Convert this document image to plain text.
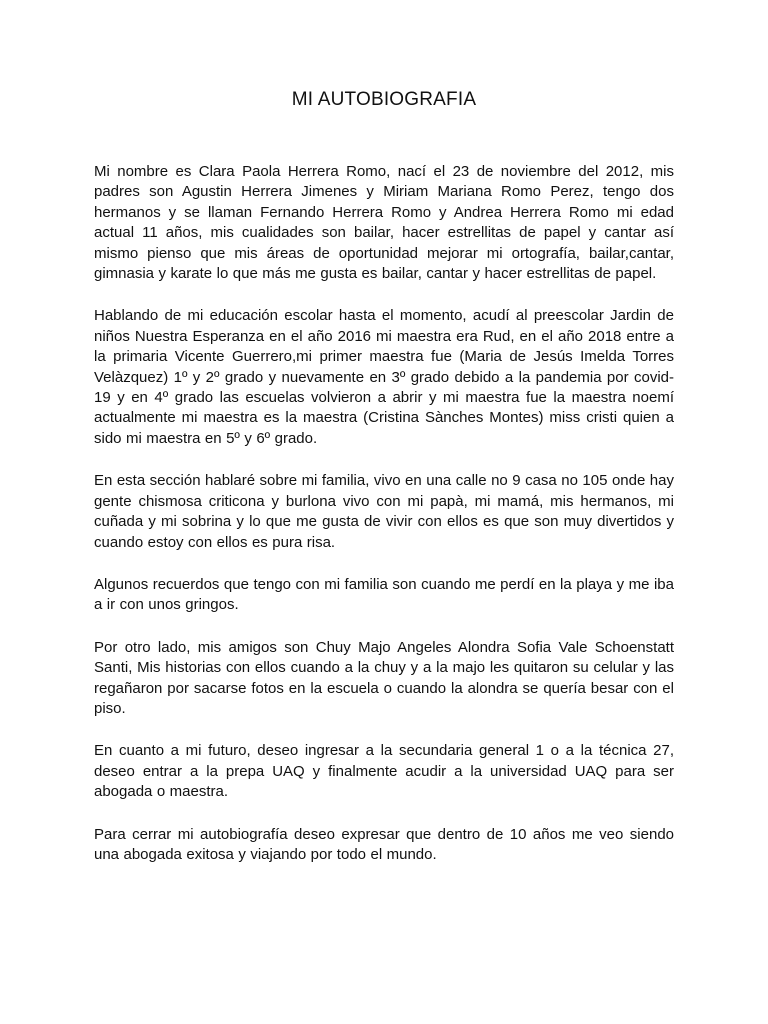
MI AUTOBIOGRAFIA

Mi nombre es Clara Paola Herrera Romo, nací el 23 de noviembre del 2012, mis padres son Agustin Herrera Jimenes y Miriam Mariana Romo Perez, tengo dos hermanos y se llaman Fernando Herrera Romo y Andrea Herrera Romo mi edad actual 11 años, mis cualidades son bailar, hacer estrellitas de papel y cantar así mismo pienso que mis áreas de oportunidad mejorar mi ortografía, bailar,cantar, gimnasia y karate lo que más me gusta es bailar, cantar y hacer estrellitas de papel.

Hablando de mi educación escolar hasta el momento, acudí al preescolar Jardin de niños Nuestra Esperanza en el año 2016 mi maestra era Rud, en el año 2018 entre a la primaria Vicente Guerrero,mi primer maestra fue (Maria de Jesús Imelda Torres Velàzquez) 1º y 2º grado y nuevamente en 3º grado debido a la pandemia por covid-19 y en 4º grado las escuelas volvieron a abrir y mi maestra fue la maestra noemí actualmente mi maestra es la maestra (Cristina Sànches Montes) miss cristi quien a sido mi maestra en 5º y 6º grado.

En esta sección hablaré sobre mi familia, vivo en una calle no 9 casa no 105 onde hay gente chismosa criticona y burlona vivo con mi papà, mi mamá, mis hermanos, mi cuñada y mi sobrina y lo que me gusta de vivir con ellos es que son muy divertidos y cuando estoy con ellos es pura risa.

Algunos recuerdos que tengo con mi familia son cuando me perdí en la playa y me iba a ir con unos gringos.

Por otro lado, mis amigos son Chuy Majo Angeles Alondra Sofia Vale Schoenstatt Santi, Mis historias con ellos cuando a la chuy y a la majo les quitaron su celular y las regañaron por sacarse fotos en la escuela o cuando la alondra se quería besar con el piso.

En cuanto a mi futuro, deseo ingresar a la secundaria general 1 o a la técnica 27, deseo entrar a la prepa UAQ y finalmente acudir a la universidad UAQ para ser abogada o maestra.

Para cerrar mi autobiografía deseo expresar que dentro de 10 años me veo siendo una abogada exitosa y viajando por todo el mundo.
